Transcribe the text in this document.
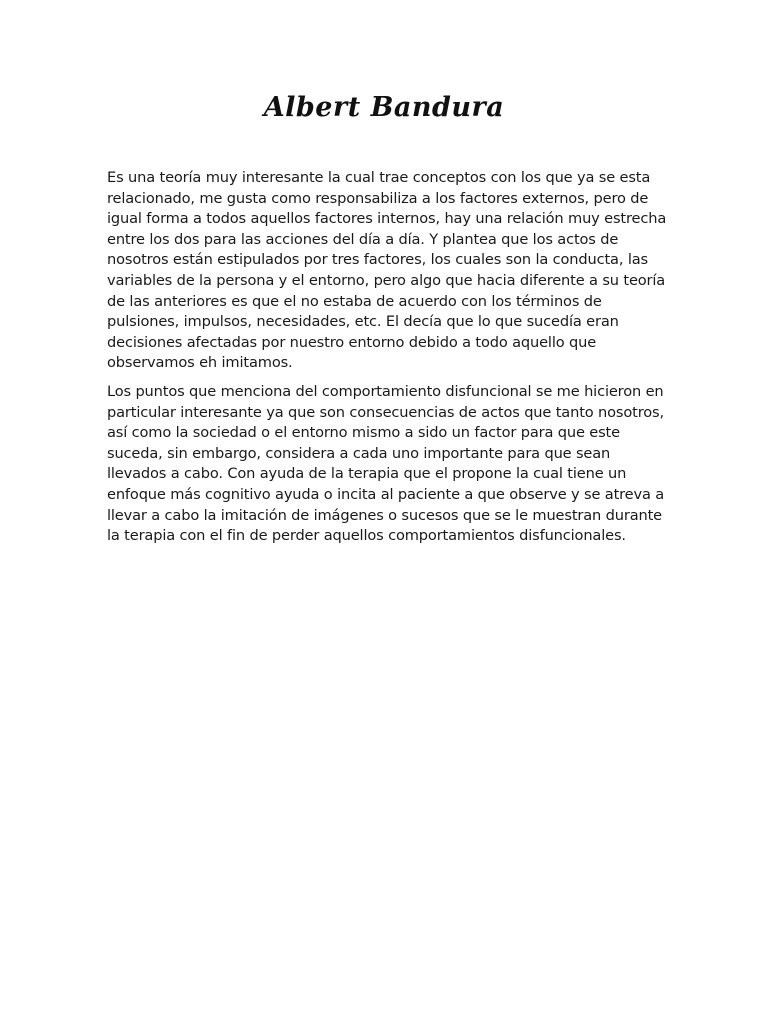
Albert Bandura

Es una teoría muy interesante la cual trae conceptos con los que ya se esta relacionado, me gusta como responsabiliza a los factores externos, pero de igual forma a todos aquellos factores internos, hay una relación muy estrecha entre los dos para las acciones del día a día. Y plantea que los actos de nosotros están estipulados por tres factores, los cuales son la conducta, las variables de la persona y el entorno, pero algo que hacia diferente a su teoría de las anteriores es que el no estaba de acuerdo con los términos de pulsiones, impulsos, necesidades, etc. El decía que lo que sucedía eran decisiones afectadas por nuestro entorno debido a todo aquello que observamos eh imitamos.

Los puntos que menciona del comportamiento disfuncional se me hicieron en particular interesante ya que son consecuencias de actos que tanto nosotros, así como la sociedad o el entorno mismo a sido un factor para que este suceda, sin embargo, considera a cada uno importante para que sean llevados a cabo. Con ayuda de la terapia que el propone la cual tiene un enfoque más cognitivo ayuda o incita al paciente a que observe y se atreva a llevar a cabo la imitación de imágenes o sucesos que se le muestran durante la terapia con el fin de perder aquellos comportamientos disfuncionales.
